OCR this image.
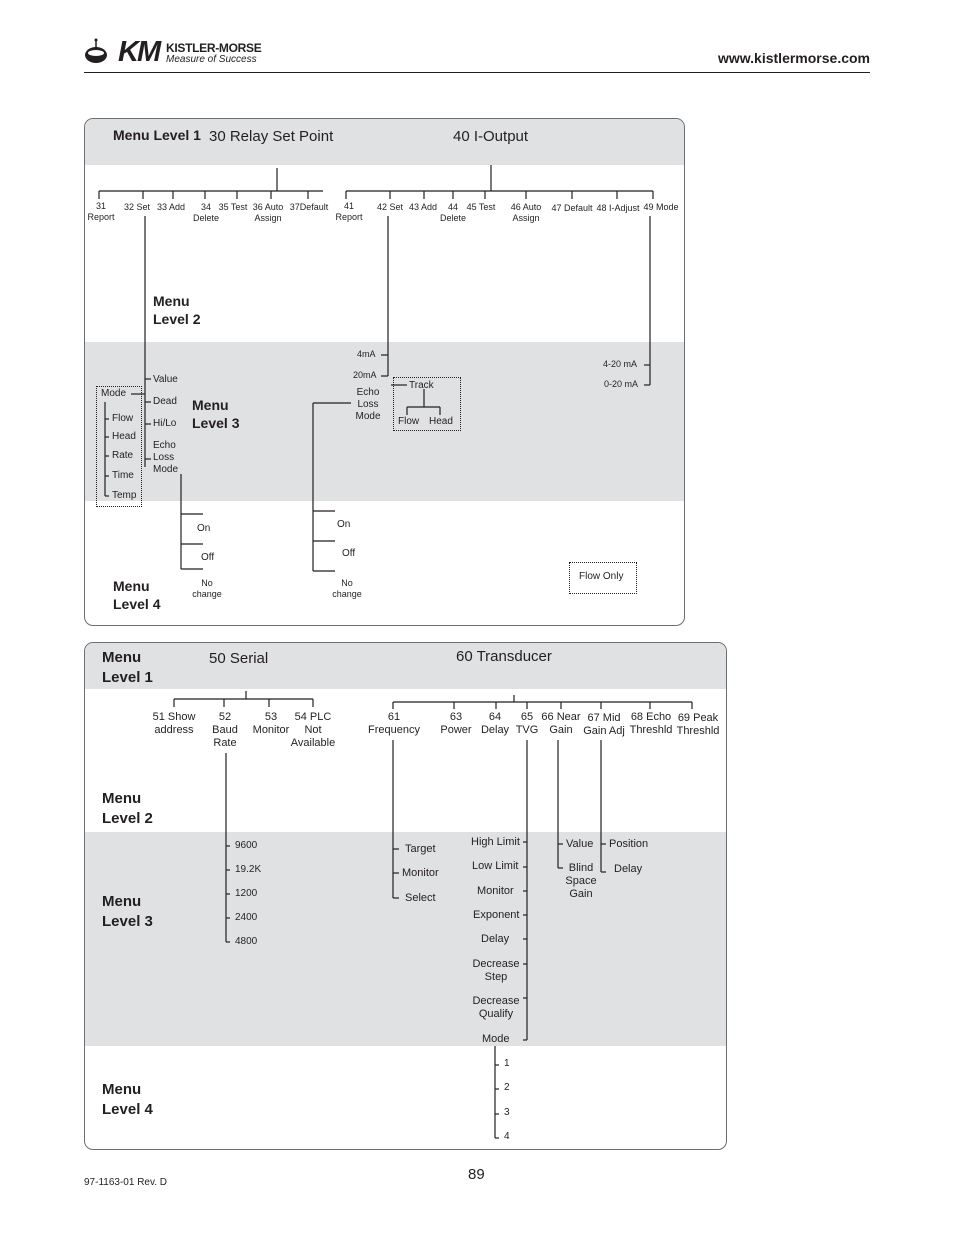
KM KISTLER-MORSE
Measure of Success	www.kistlermorse.com
Menu Level 1 30 Relay Set Point	40 I-Output
31 Report
32 Set 33 Add	34 Delete
35 Test 36 Auto Assign
37Default	41 Report
42 Set 43 Add	44 Delete
45 Test	46 Auto Assign
47 Default 48 I-Adjust 49 Mode
Menu Level 2
Menu Level 3
Menu Level 4
Value
Dead
Hi/Lo
Echo Loss Mode
Mode
Flow
Head
Rate
Time
Temp
On
Off
No change
4mA
20mA
Echo Loss Mode
Track
Flow Head
4-20 mA
0-20 mA
On
Off
No change
Flow Only
Menu Level 1
50 Serial	60 Transducer
51 Show address
52 Baud Rate
53 Monitor
54 PLC Not Available
61 Frequency
63 Power
64 Delay
65 TVG
66 Near Gain
67 Mid Gain Adj
68 Echo Threshld
69 Peak Threshld
Menu Level 2
Menu Level 3
Menu Level 4
9600
19.2K
1200
2400
4800
Target
Monitor
Select
High Limit
Low Limit
Monitor
Exponent
Delay
Decrease Step
Decrease Qualify
Mode
1
2
3
4
Value
Blind Space Gain
Position
Delay
89
97-1163-01 Rev. D
